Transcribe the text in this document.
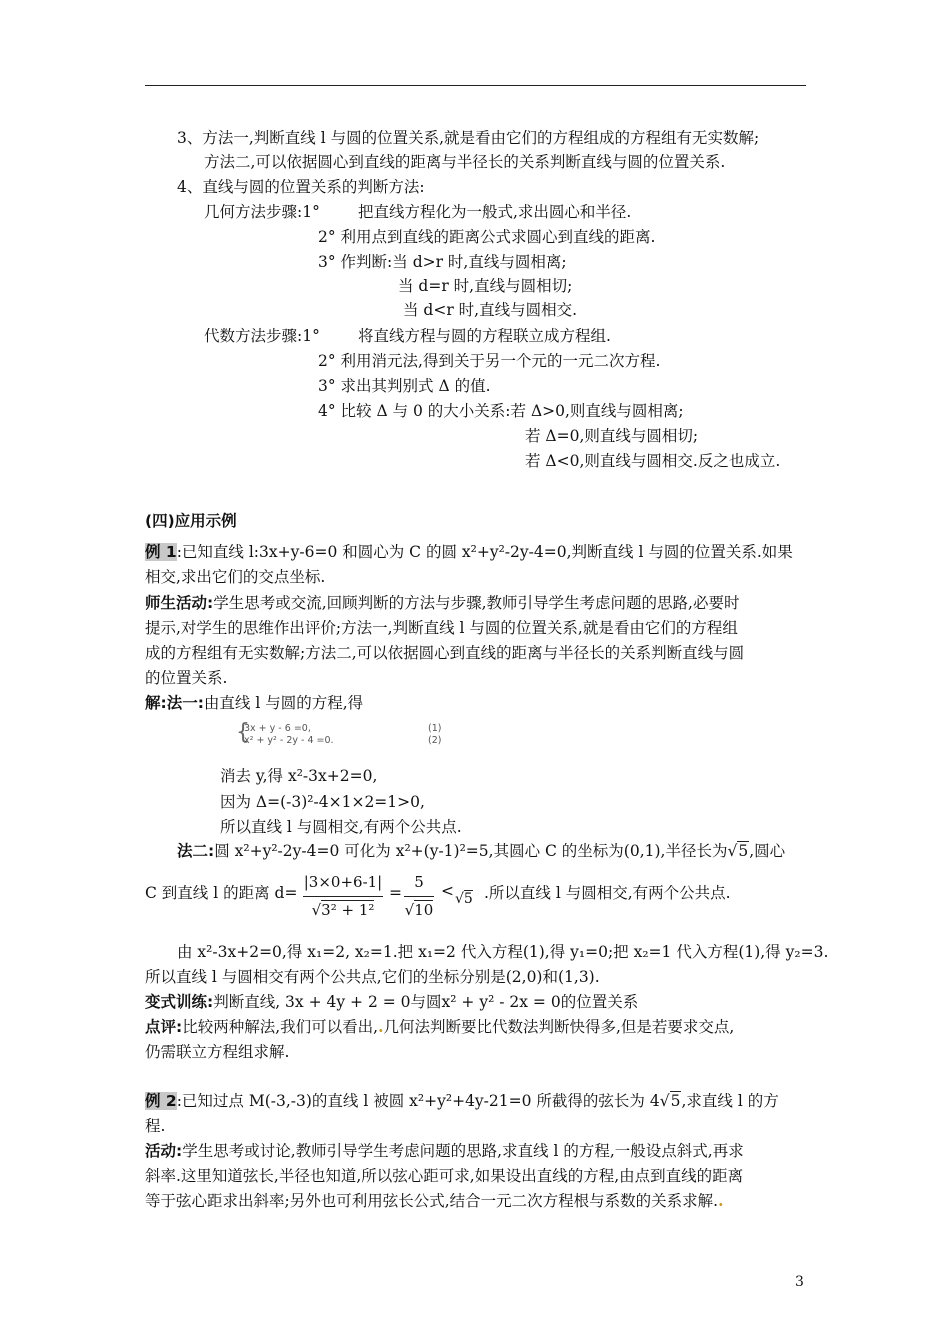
3、方法一,判断直线 l 与圆的位置关系,就是看由它们的方程组成的方程组有无实数解;
方法二,可以依据圆心到直线的距离与半径长的关系判断直线与圆的位置关系.
4、直线与圆的位置关系的判断方法:
几何方法步骤:1° 把直线方程化为一般式,求出圆心和半径.
2° 利用点到直线的距离公式求圆心到直线的距离.
3° 作判断:当 d>r 时,直线与圆相离;
当 d=r 时,直线与圆相切;
当 d<r 时,直线与圆相交.
代数方法步骤:1° 将直线方程与圆的方程联立成方程组.
2° 利用消元法,得到关于另一个元的一元二次方程.
3° 求出其判别式 Δ 的值.
4° 比较 Δ 与 0 的大小关系:若 Δ>0,则直线与圆相离;
若 Δ=0,则直线与圆相切;
若 Δ<0,则直线与圆相交.反之也成立.
(四)应用示例
例 1:已知直线 l:3x+y-6=0 和圆心为 C 的圆 x²+y²-2y-4=0,判断直线 l 与圆的位置关系.如果
相交,求出它们的交点坐标.
师生活动:学生思考或交流,回顾判断的方法与步骤,教师引导学生考虑问题的思路,必要时
提示,对学生的思维作出评价;方法一,判断直线 l 与圆的位置关系,就是看由它们的方程组
成的方程组有无实数解;方法二,可以依据圆心到直线的距离与半径长的关系判断直线与圆
的位置关系.
解:法一:由直线 l 与圆的方程,得
{
3x + y - 6 =0,
x² + y² - 2y - 4 =0.
(1)
(2)
消去 y,得 x²-3x+2=0,
因为 Δ=(-3)²-4×1×2=1>0,
所以直线 l 与圆相交,有两个公共点.
法二:圆 x²+y²-2y-4=0 可化为 x²+(y-1)²=5,其圆心 C 的坐标为(0,1),半径长为√5,圆心
C 到直线 l 的距离 d=
|3×0+6-1|
√3² + 1²
=
5
√10
< √5 .所以直线 l 与圆相交,有两个公共点.
由 x²-3x+2=0,得 x₁=2, x₂=1.把 x₁=2 代入方程(1),得 y₁=0;把 x₂=1 代入方程(1),得 y₂=3.
所以直线 l 与圆相交有两个公共点,它们的坐标分别是(2,0)和(1,3).
变式训练:判断直线, 3x + 4y + 2 = 0与圆x² + y² - 2x = 0的位置关系
点评:比较两种解法,我们可以看出,.几何法判断要比代数法判断快得多,但是若要求交点,
仍需联立方程组求解.
例 2:已知过点 M(-3,-3)的直线 l 被圆 x²+y²+4y-21=0 所截得的弦长为 4√5,求直线 l 的方
程.
活动:学生思考或讨论,教师引导学生考虑问题的思路,求直线 l 的方程,一般设点斜式,再求
斜率.这里知道弦长,半径也知道,所以弦心距可求,如果设出直线的方程,由点到直线的距离
等于弦心距求出斜率;另外也可利用弦长公式,结合一元二次方程根与系数的关系求解..
3
